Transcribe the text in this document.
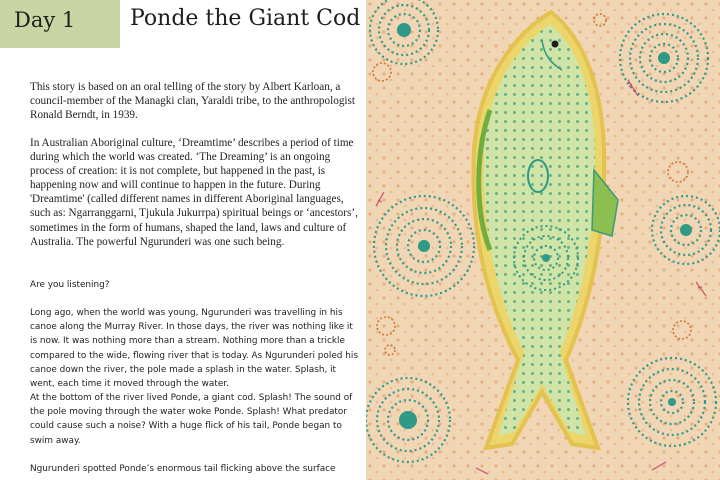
Day 1 Ponde the Giant Cod

This story is based on an oral telling of the story by Albert Karloan, a council-member of the Managki clan, Yaraldi tribe, to the anthropologist Ronald Berndt, in 1939.

In Australian Aboriginal culture, ‘Dreamtime’ describes a period of time during which the world was created. ‘The Dreaming’ is an ongoing process of creation: it is not complete, but happened in the past, is happening now and will continue to happen in the future. During 'Dreamtime' (called different names in different Aboriginal languages, such as: Ngarranggarni, Tjukula Jukurrpa) spiritual beings or ‘ancestors’, sometimes in the form of humans, shaped the land, laws and culture of Australia. The powerful Ngurunderi was one such being.

Are you listening?

Long ago, when the world was young, Ngurunderi was travelling in his canoe along the Murray River. In those days, the river was nothing like it is now. It was nothing more than a stream. Nothing more than a trickle compared to the wide, flowing river that is today. As Ngurunderi poled his canoe down the river, the pole made a splash in the water. Splash, it went, each time it moved through the water.

At the bottom of the river lived Ponde, a giant cod. Splash! The sound of the pole moving through the water woke Ponde. Splash! What predator could cause such a noise? With a huge flick of his tail, Ponde began to swim away.

Ngurunderi spotted Ponde’s enormous tail flicking above the surface
